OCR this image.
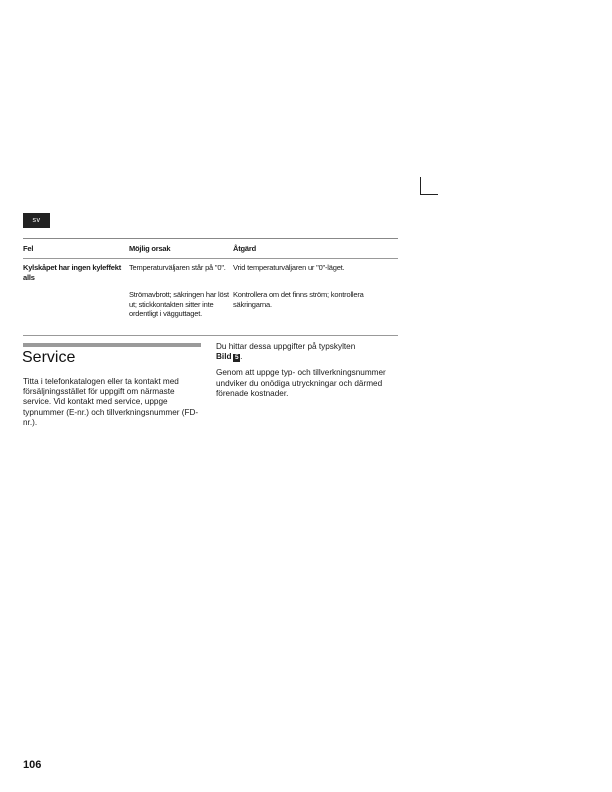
sv
Fel	Möjlig orsak	Åtgärd
Kylskåpet har ingen kyleffekt alls
Temperaturväljaren står på "0". Vrid temperaturväljaren ur "0"-läget.
Strömavbrott; säkringen har löst ut; stickkontakten sitter inte ordentligt i vägguttaget.
Kontrollera om det finns ström; kontrollera säkringarna.
Service

Titta i telefonkatalogen eller ta kontakt med försäljningsstället för uppgift om närmaste service. Vid kontakt med service, uppge typnummer (E-nr.) och tillverkningsnummer (FD-nr.).

Du hittar dessa uppgifter på typskylten
Bild 5 .

Genom att uppge typ- och tillverkningsnummer undviker du onödiga utryckningar och därmed förenade kostnader.

106
